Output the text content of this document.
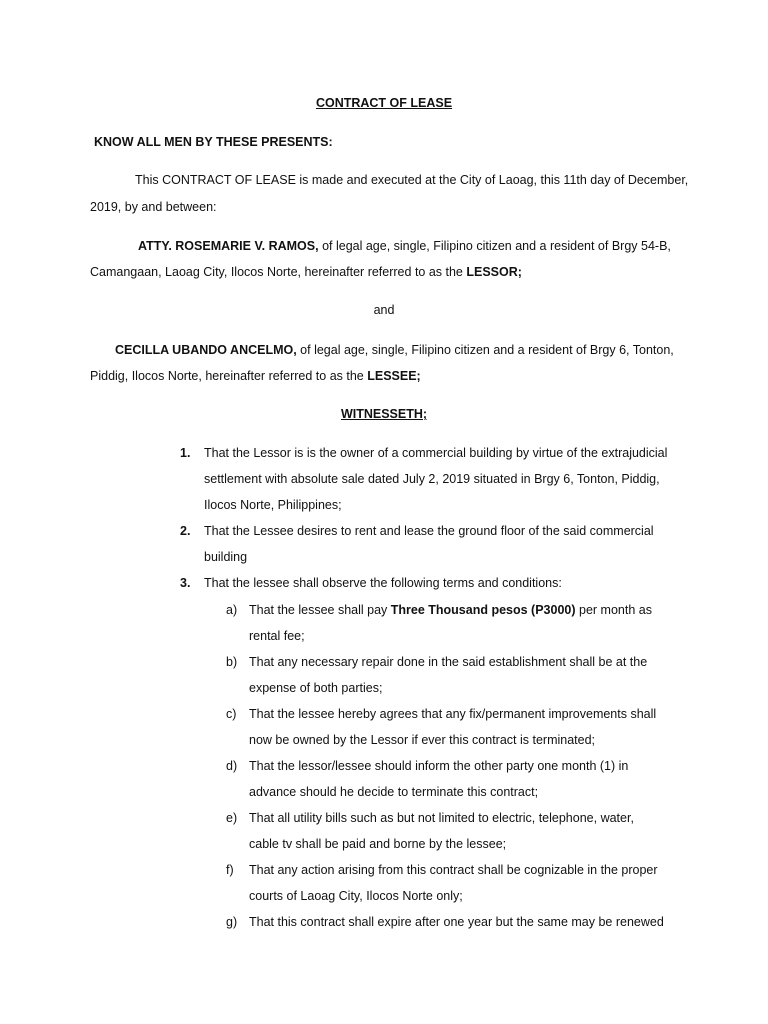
CONTRACT OF LEASE
KNOW ALL MEN BY THESE PRESENTS:
This CONTRACT OF LEASE is made and executed at the City of Laoag, this 11th day of December,
2019, by and between:
ATTY. ROSEMARIE V. RAMOS, of legal age, single, Filipino citizen and a resident of Brgy 54-B,
Camangaan, Laoag City, Ilocos Norte, hereinafter referred to as the LESSOR;
and
CECILLA UBANDO ANCELMO, of legal age, single, Filipino citizen and a resident of Brgy 6, Tonton,
Piddig, Ilocos Norte, hereinafter referred to as the LESSEE;
WITNESSETH;
1.	That the Lessor is is the owner of a commercial building by virtue of the extrajudicial
settlement with absolute sale dated July 2, 2019 situated in Brgy 6, Tonton, Piddig,
Ilocos Norte, Philippines;
2.	That the Lessee desires to rent and lease the ground floor of the said commercial
building
3.	That the lessee shall observe the following terms and conditions:
a) That the lessee shall pay Three Thousand pesos (P3000) per month as
rental fee;
b) That any necessary repair done in the said establishment shall be at the
expense of both parties;
c)	That the lessee hereby agrees that any fix/permanent improvements shall
now be owned by the Lessor if ever this contract is terminated;
d) That the lessor/lessee should inform the other party one month (1) in
advance should he decide to terminate this contract;
e) That all utility bills such as but not limited to electric, telephone, water,
cable tv shall be paid and borne by the lessee;
f)	That any action arising from this contract shall be cognizable in the proper
courts of Laoag City, Ilocos Norte only;
g) That this contract shall expire after one year but the same may be renewed
